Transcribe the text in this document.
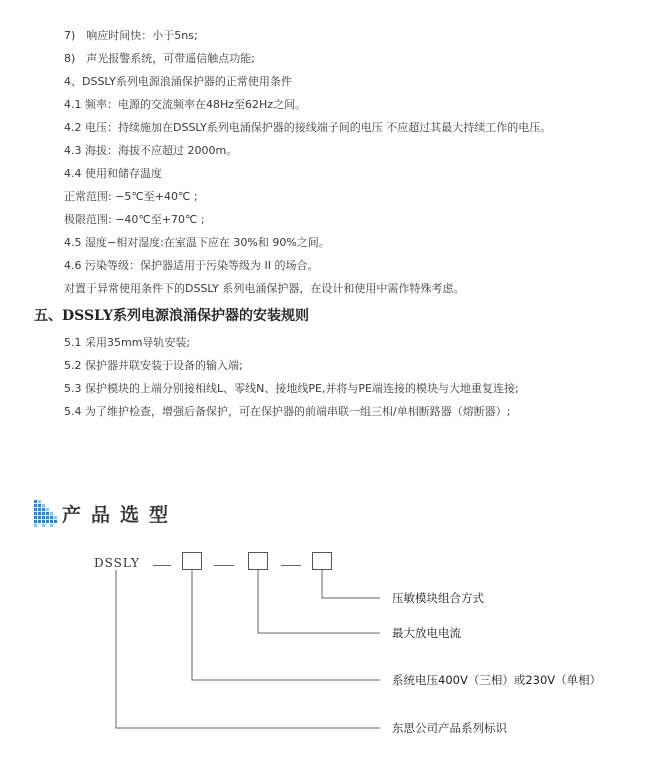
7)　响应时间快：小于5ns;
8)　声光报警系统，可带遥信触点功能;
4、DSSLY系列电源浪涌保护器的正常使用条件
4.1 频率：电源的交流频率在48Hz至62Hz之间。
4.2 电压：持续施加在DSSLY系列电涌保护器的接线端子间的电压 不应超过其最大持续工作的电压。
4.3 海拔：海拔不应超过 2000m。
4.4 使用和储存温度
正常范围: −5℃至+40℃ ;
极限范围: −40℃至+70℃ ;
4.5 湿度−相对湿度:在室温下应在 30%和 90%之间。
4.6 污染等级：保护器适用于污染等级为 II 的场合。
对置于异常使用条件下的DSSLY 系列电涌保护器，在设计和使用中需作特殊考虑。
五、DSSLY系列电源浪涌保护器的安装规则
5.1 采用35mm导轨安装;
5.2 保护器并联安装于设备的输入端;
5.3 保护模块的上端分别接相线L、零线N、接地线PE,并将与PE端连接的模块与大地重复连接;
5.4 为了维护检查，增强后备保护，可在保护器的前端串联一组三相/单相断路器（熔断器）;
产品选型
DSSLY
压敏模块组合方式
最大放电电流
系统电压400V（三相）或230V（单相）
东思公司产品系列标识
